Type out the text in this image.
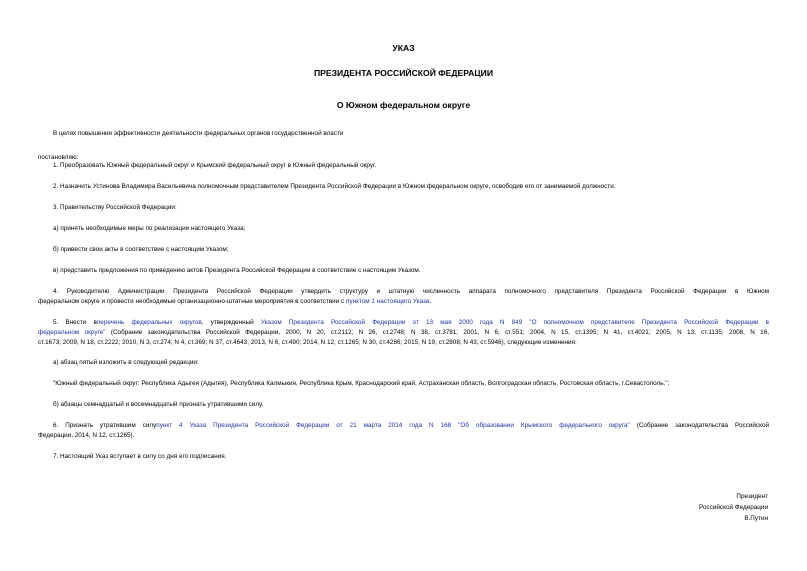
УКАЗ
ПРЕЗИДЕНТА РОССИЙСКОЙ ФЕДЕРАЦИИ
О Южном федеральном округе
В целях повышения эффективности деятельности федеральных органов государственной власти
постановляю:
1. Преобразовать Южный федеральный округ и Крымский федеральный округ в Южный федеральный округ.
2. Назначить Устинова Владимира Васильевича полномочным представителем Президента Российской Федерации в Южном федеральном округе, освободив его от занимаемой должности.
3. Правительству Российской Федерации:
а) принять необходимые меры по реализации настоящего Указа;
б) привести свои акты в соответствие с настоящим Указом;
в) представить предложения по приведению актов Президента Российской Федерации в соответствие с настоящим Указом.
4. Руководителю Администрации Президента Российской Федерации утвердить структуру и штатную численность аппарата полномочного представителя Президента Российской Федерации в Южном
федеральном округе и провести необходимые организационно-штатные мероприятия в соответствии с пунктом 1 настоящего Указа.
5. Внести вперечень федеральных округов, утвержденный Указом Президента Российской Федерации от 13 мая 2000 года N 849 "О полномочном представителе Президента Российской Федерации в
федеральном округе" (Собрание законодательства Российской Федерации, 2000, N 20, ст.2112; N 26, ст.2748; N 38, ст.3781; 2001, N 6, ст.551; 2004, N 15, ст.1395; N 41, ст.4021; 2005, N 13, ст.1135; 2008, N 16,
ст.1673; 2009, N 18, ст.2222; 2010, N 3, ст.274; N 4, ст.369; N 37, ст.4643; 2013, N 6, ст.490; 2014, N 12, ст.1265; N 30, ст.4286; 2015, N 19, ст.2808; N 43, ст.5946), следующие изменения:
а) абзац пятый изложить в следующей редакции:
"Южный федеральный округ: Республика Адыгея (Адыгея), Республика Калмыкия, Республика Крым, Краснодарский край, Астраханская область, Волгоградская область, Ростовская область, г.Севастополь.";
б) абзацы семнадцатый и восемнадцатый признать утратившими силу.
6. Признать утратившим силупункт 4 Указа Президента Российской Федерации от 21 марта 2014 года N 168 "Об образовании Крымского федерального округа" (Собрание законодательства Российской
Федерации, 2014, N 12, ст.1265).
7. Настоящий Указ вступает в силу со дня его подписания.
Президент
Российской Федерации
В.Путин
